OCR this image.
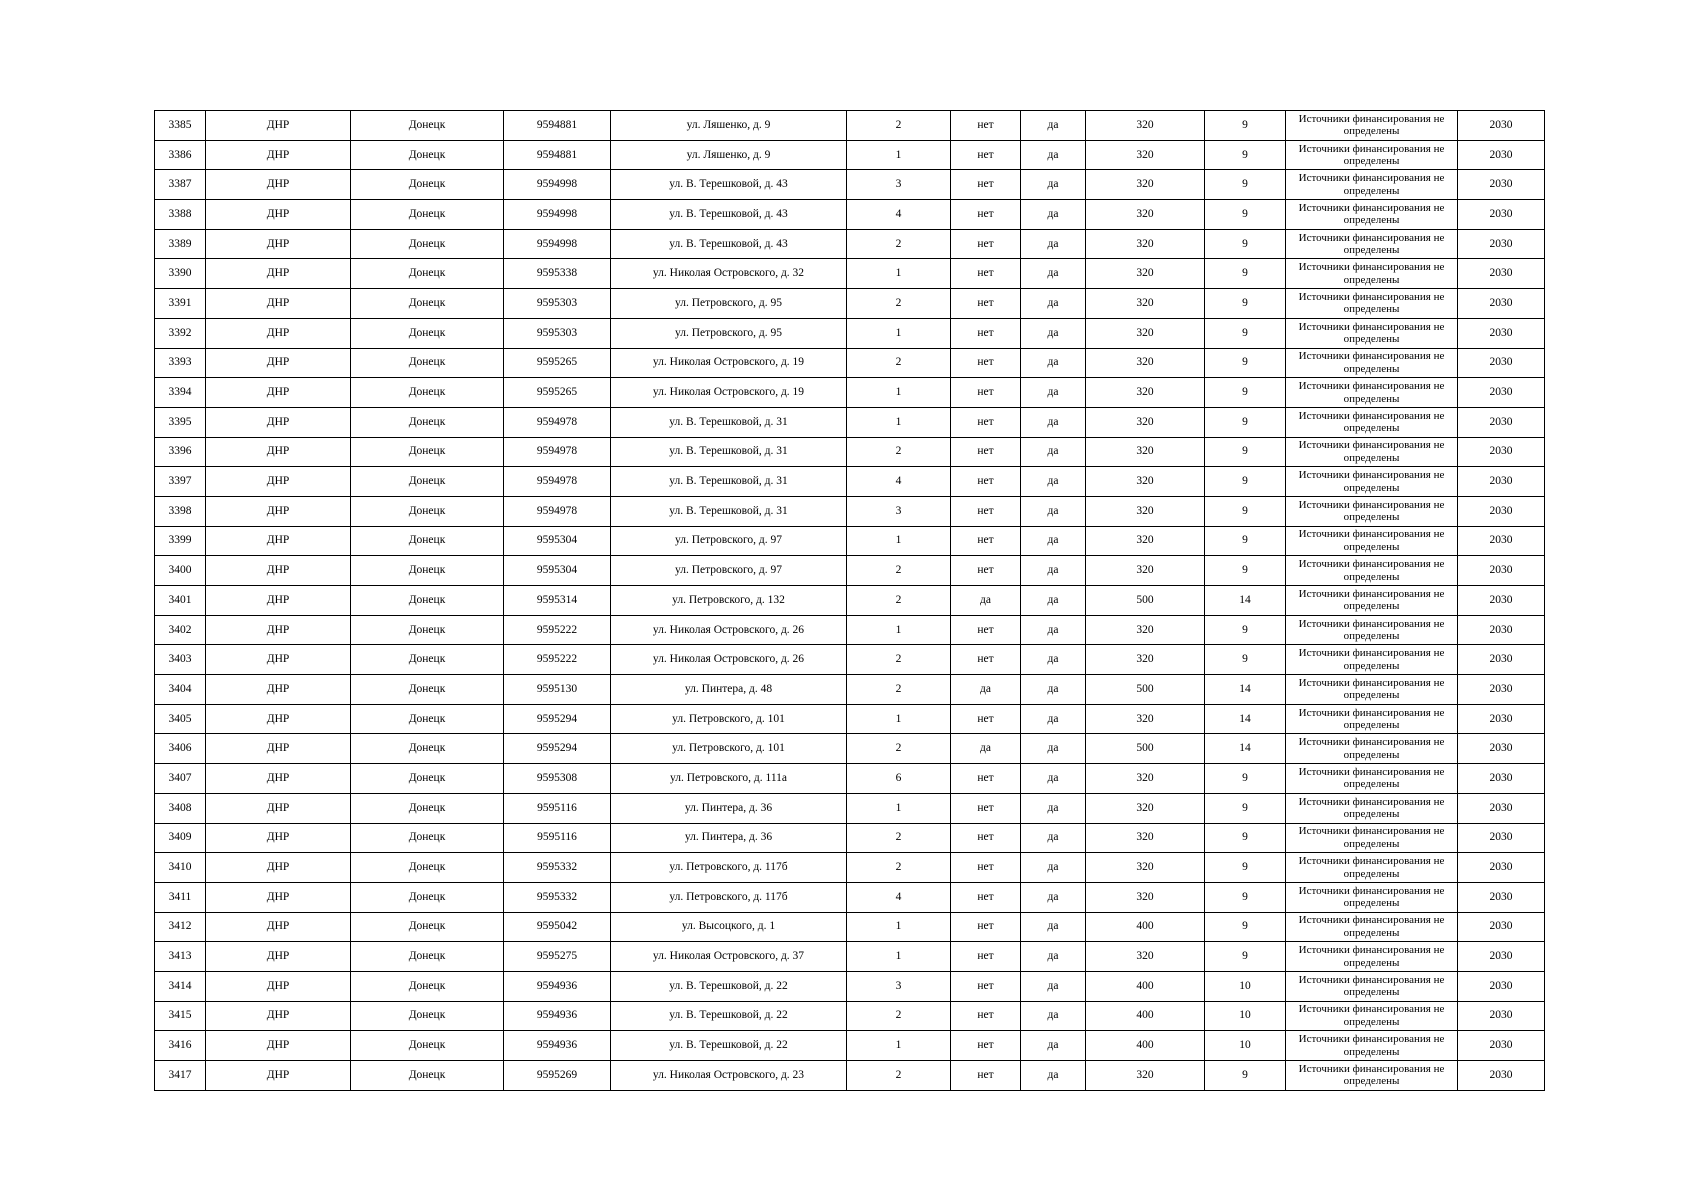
3385	ДНР	Донецк	9594881	ул. Ляшенко, д. 9	2	нет	да	320	9	Источники финансирования не определены	2030
3386	ДНР	Донецк	9594881	ул. Ляшенко, д. 9	1	нет	да	320	9	Источники финансирования не определены	2030
3387	ДНР	Донецк	9594998	ул. В. Терешковой, д. 43	3	нет	да	320	9	Источники финансирования не определены	2030
3388	ДНР	Донецк	9594998	ул. В. Терешковой, д. 43	4	нет	да	320	9	Источники финансирования не определены	2030
3389	ДНР	Донецк	9594998	ул. В. Терешковой, д. 43	2	нет	да	320	9	Источники финансирования не определены	2030
3390	ДНР	Донецк	9595338	ул. Николая Островского, д. 32	1	нет	да	320	9	Источники финансирования не определены	2030
3391	ДНР	Донецк	9595303	ул. Петровского, д. 95	2	нет	да	320	9	Источники финансирования не определены	2030
3392	ДНР	Донецк	9595303	ул. Петровского, д. 95	1	нет	да	320	9	Источники финансирования не определены	2030
3393	ДНР	Донецк	9595265	ул. Николая Островского, д. 19	2	нет	да	320	9	Источники финансирования не определены	2030
3394	ДНР	Донецк	9595265	ул. Николая Островского, д. 19	1	нет	да	320	9	Источники финансирования не определены	2030
3395	ДНР	Донецк	9594978	ул. В. Терешковой, д. 31	1	нет	да	320	9	Источники финансирования не определены	2030
3396	ДНР	Донецк	9594978	ул. В. Терешковой, д. 31	2	нет	да	320	9	Источники финансирования не определены	2030
3397	ДНР	Донецк	9594978	ул. В. Терешковой, д. 31	4	нет	да	320	9	Источники финансирования не определены	2030
3398	ДНР	Донецк	9594978	ул. В. Терешковой, д. 31	3	нет	да	320	9	Источники финансирования не определены	2030
3399	ДНР	Донецк	9595304	ул. Петровского, д. 97	1	нет	да	320	9	Источники финансирования не определены	2030
3400	ДНР	Донецк	9595304	ул. Петровского, д. 97	2	нет	да	320	9	Источники финансирования не определены	2030
3401	ДНР	Донецк	9595314	ул. Петровского, д. 132	2	да	да	500	14	Источники финансирования не определены	2030
3402	ДНР	Донецк	9595222	ул. Николая Островского, д. 26	1	нет	да	320	9	Источники финансирования не определены	2030
3403	ДНР	Донецк	9595222	ул. Николая Островского, д. 26	2	нет	да	320	9	Источники финансирования не определены	2030
3404	ДНР	Донецк	9595130	ул. Пинтера, д. 48	2	да	да	500	14	Источники финансирования не определены	2030
3405	ДНР	Донецк	9595294	ул. Петровского, д. 101	1	нет	да	320	14	Источники финансирования не определены	2030
3406	ДНР	Донецк	9595294	ул. Петровского, д. 101	2	да	да	500	14	Источники финансирования не определены	2030
3407	ДНР	Донецк	9595308	ул. Петровского, д. 111а	6	нет	да	320	9	Источники финансирования не определены	2030
3408	ДНР	Донецк	9595116	ул. Пинтера, д. 36	1	нет	да	320	9	Источники финансирования не определены	2030
3409	ДНР	Донецк	9595116	ул. Пинтера, д. 36	2	нет	да	320	9	Источники финансирования не определены	2030
3410	ДНР	Донецк	9595332	ул. Петровского, д. 117б	2	нет	да	320	9	Источники финансирования не определены	2030
3411	ДНР	Донецк	9595332	ул. Петровского, д. 117б	4	нет	да	320	9	Источники финансирования не определены	2030
3412	ДНР	Донецк	9595042	ул. Высоцкого, д. 1	1	нет	да	400	9	Источники финансирования не определены	2030
3413	ДНР	Донецк	9595275	ул. Николая Островского, д. 37	1	нет	да	320	9	Источники финансирования не определены	2030
3414	ДНР	Донецк	9594936	ул. В. Терешковой, д. 22	3	нет	да	400	10	Источники финансирования не определены	2030
3415	ДНР	Донецк	9594936	ул. В. Терешковой, д. 22	2	нет	да	400	10	Источники финансирования не определены	2030
3416	ДНР	Донецк	9594936	ул. В. Терешковой, д. 22	1	нет	да	400	10	Источники финансирования не определены	2030
3417	ДНР	Донецк	9595269	ул. Николая Островского, д. 23	2	нет	да	320	9	Источники финансирования не определены	2030
